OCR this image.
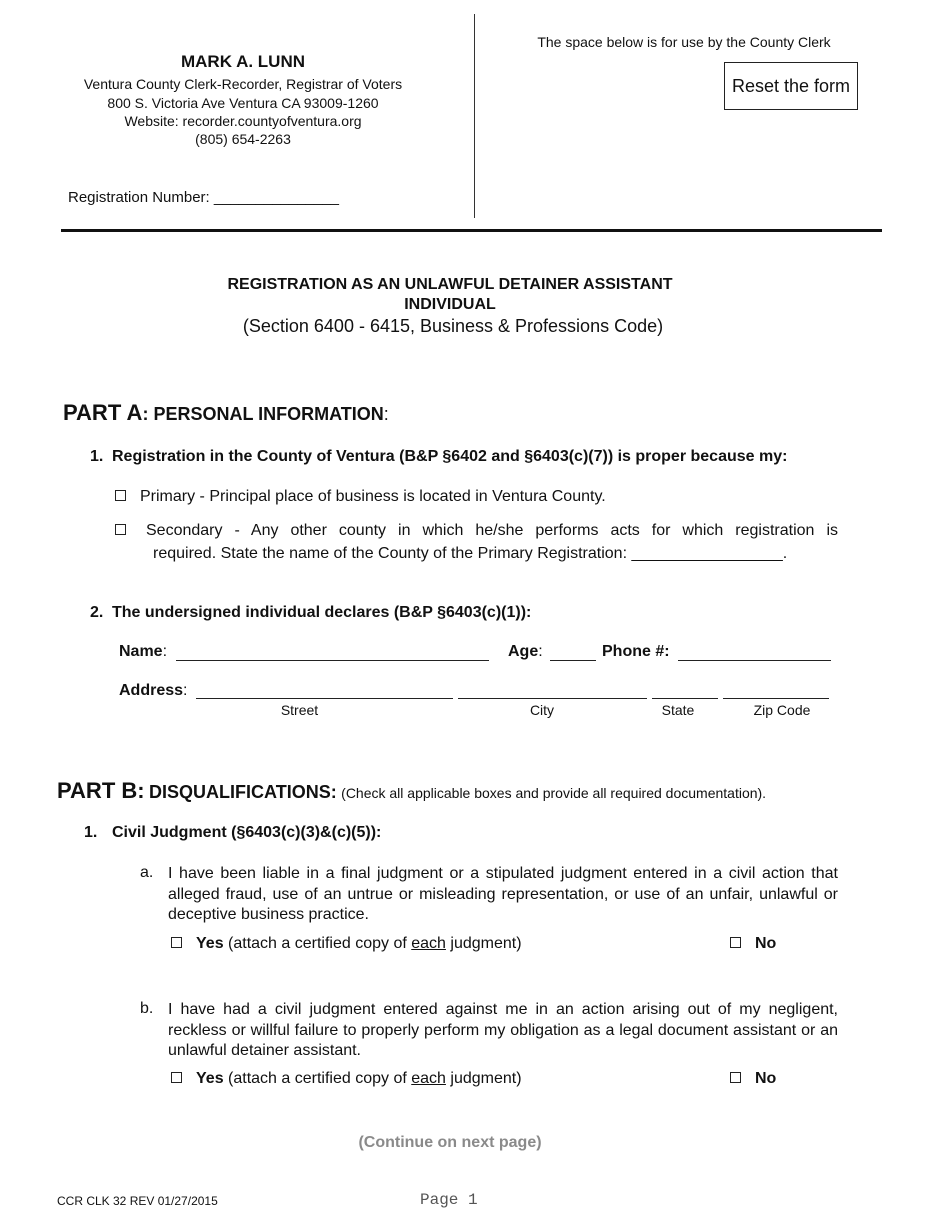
MARK A. LUNN
Ventura County Clerk-Recorder, Registrar of Voters
800 S. Victoria Ave Ventura CA 93009-1260
Website: recorder.countyofventura.org
(805) 654-2263
Registration Number: _______________
The space below is for use by the County Clerk
Reset the form
REGISTRATION AS AN UNLAWFUL DETAINER ASSISTANT
INDIVIDUAL
(Section 6400 - 6415, Business & Professions Code)
PART A: PERSONAL INFORMATION:
1. Registration in the County of Ventura (B&P §6402 and §6403(c)(7)) is proper because my:
Primary - Principal place of business is located in Ventura County.
Secondary - Any other county in which he/she performs acts for which registration is
required. State the name of the County of the Primary Registration: _________________.
2. The undersigned individual declares (B&P §6403(c)(1)):
Name:	Age:	Phone #:
Address:
Street	City	State	Zip Code
PART B: DISQUALIFICATIONS: (Check all applicable boxes and provide all required documentation).
1. Civil Judgment (§6403(c)(3)&(c)(5)):
a. I have been liable in a final judgment or a stipulated judgment entered in a civil action that alleged fraud, use of an untrue or misleading representation, or use of an unfair, unlawful or deceptive business practice.
Yes (attach a certified copy of each judgment)	No
b. I have had a civil judgment entered against me in an action arising out of my negligent, reckless or willful failure to properly perform my obligation as a legal document assistant or an unlawful detainer assistant.
Yes (attach a certified copy of each judgment)	No
(Continue on next page)
CCR CLK 32 REV 01/27/2015	Page 1
